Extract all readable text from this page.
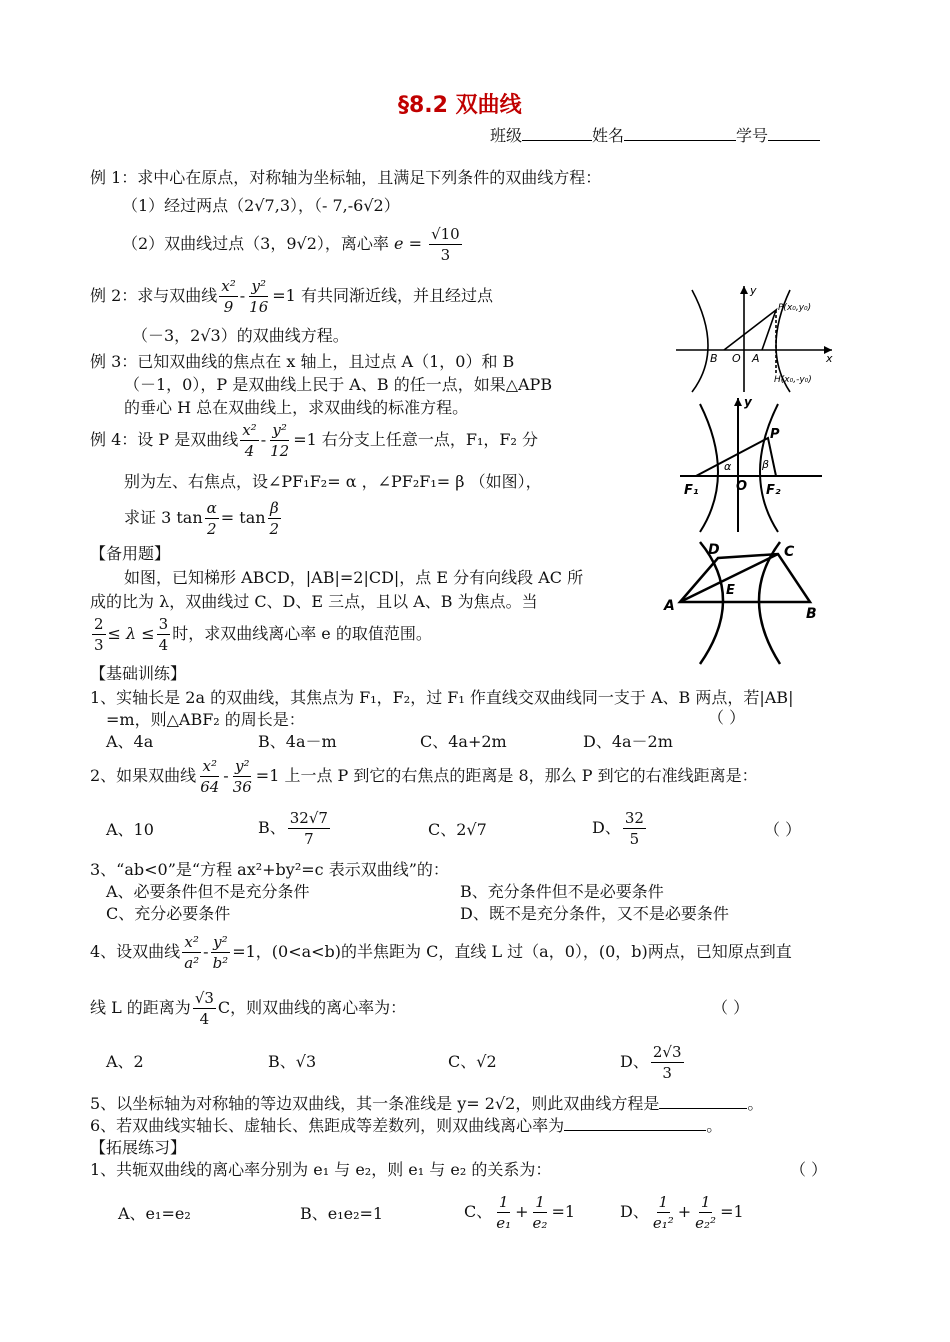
§8.2 双曲线
班级	姓名	学号
例 1：求中心在原点，对称轴为坐标轴，且满足下列条件的双曲线方程：
（1）经过两点（2√7,3），（- 7,-6√2）
（2）双曲线过点（3，9√2），离心率 $e = \frac{√10}{3}$
例 2：求与双曲线 $\frac{\text{x²}}{9} - \frac{\text{y²}}{16} =1$ 有共同渐近线，并且经过点
（－3，2√3）的双曲线方程。
例 3：已知双曲线的焦点在 x 轴上，且过点 A（1，0）和 B
（－1，0），P 是双曲线上民于 A、B 的任一点，如果△APB
的垂心 H 总在双曲线上，求双曲线的标准方程。
例 4：设 P 是双曲线 $\frac{\text{x²}}{4} - \frac{\text{y²}}{12} =1$ 右分支上任意一点，F₁，F₂ 分
别为左、右焦点，设∠PF₁F₂= α ，∠PF₂F₁= β （如图），
求证 3 $\tan \frac{\alpha}{2} = \tan \frac{\beta}{2}$
【备用题】
如图，已知梯形 ABCD，|AB|=2|CD|，点 E 分有向线段 AC 所
成的比为 λ，双曲线过 C、D、E 三点，且以 A、B 为焦点。当
$\frac{2}{3} \le \lambda \le \frac{3}{4}$ 时，求双曲线离心率 e 的取值范围。
【基础训练】
1、实轴长是 2a 的双曲线，其焦点为 F₁，F₂，过 F₁ 作直线交双曲线同一支于 A、B 两点，若|AB|
=m，则△ABF₂ 的周长是：	（ ）
A、4a	B、4a－m	C、4a+2m	D、4a－2m
2、如果双曲线 $\frac{\text{x²}}{64} - \frac{\text{y²}}{36} =1$ 上一点 P 到它的右焦点的距离是 8，那么 P 到它的右准线距离是：
A、10	B、 $\frac{32√7}{7}$	C、2√7	D、 $\frac{32}{5}$	（ ）
3、“ab<0”是“方程 ax²+by²=c 表示双曲线”的：
A、必要条件但不是充分条件	B、充分条件但不是必要条件
C、充分必要条件	D、既不是充分条件，又不是必要条件
4、设双曲线 $\frac{\text{x²}}{\text{a²}} - \frac{\text{y²}}{\text{b²}} =1$，(0<a<b)的半焦距为 C，直线 L 过（a，0），(0，b)两点，已知原点到直
线 L 的距离为 $\frac{√3}{4}$ C，则双曲线的离心率为：	（ ）
A、2	B、√3	C、√2	D、 $\frac{2√3}{3}$
5、以坐标轴为对称轴的等边双曲线，其一条准线是 y= 2√2，则此双曲线方程是	。
6、若双曲线实轴长、虚轴长、焦距成等差数列，则双曲线离心率为	。
【拓展练习】
1、共轭双曲线的离心率分别为 e₁ 与 e₂，则 e₁ 与 e₂ 的关系为：	（ ）
A、e₁=e₂	B、e₁e₂=1	C、 $\frac{1}{\text{e₁}} + \frac{1}{\text{e₂}} =1$	D、 $\frac{1}{\text{e₁²}} + \frac{1}{\text{e₂²}} =1$
y
P(x₀,y₀)
B O A	x
H(x₀,-y₀)
y
P
α	β
F₁	O F₂
D	C
E
A	B
